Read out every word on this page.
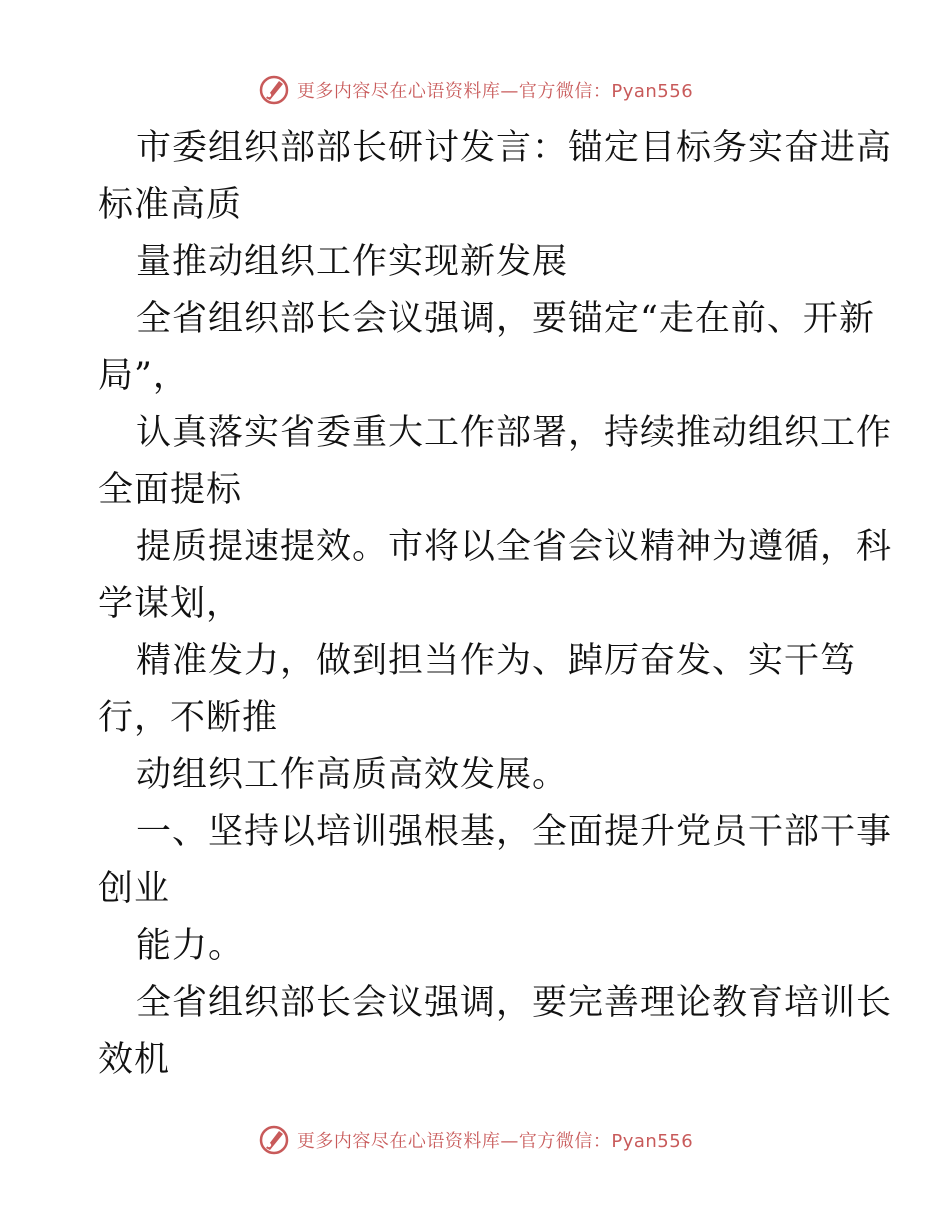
更多内容尽在心语资料库—官方微信：Pyan556
市委组织部部长研讨发言：锚定目标务实奋进高
标准高质
量推动组织工作实现新发展
全省组织部长会议强调，要锚定“走在前、开新
局”，
认真落实省委重大工作部署，持续推动组织工作
全面提标
提质提速提效。市将以全省会议精神为遵循，科
学谋划，
精准发力，做到担当作为、踔厉奋发、实干笃
行，不断推
动组织工作高质高效发展。
一、坚持以培训强根基，全面提升党员干部干事
创业
能力。
全省组织部长会议强调，要完善理论教育培训长
效机
更多内容尽在心语资料库—官方微信：Pyan556
